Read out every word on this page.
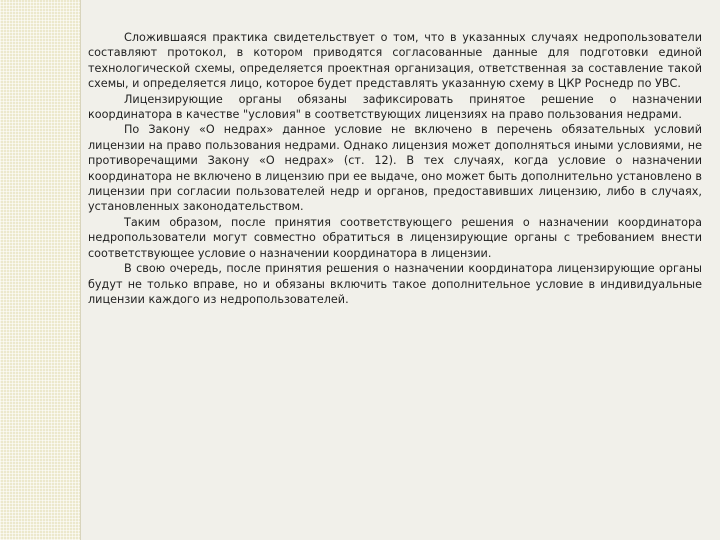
Сложившаяся практика свидетельствует о том, что в указанных случаях недропользователи составляют протокол, в котором приводятся согласованные данные для подготовки единой технологической схемы, определяется проектная организация, ответственная за составление такой схемы, и определяется лицо, которое будет представлять указанную схему в ЦКР Роснедр по УВС.

Лицензирующие органы обязаны зафиксировать принятое решение о назначении координатора в качестве "условия" в соответствующих лицензиях на право пользования недрами.

По Закону «О недрах» данное условие не включено в перечень обязательных условий лицензии на право пользования недрами. Однако лицензия может дополняться иными условиями, не противоречащими Закону «О недрах» (ст. 12). В тех случаях, когда условие о назначении координатора не включено в лицензию при ее выдаче, оно может быть дополнительно установлено в лицензии при согласии пользователей недр и органов, предоставивших лицензию, либо в случаях, установленных законодательством.

Таким образом, после принятия соответствующего решения о назначении координатора недропользователи могут совместно обратиться в лицензирующие органы с требованием внести соответствующее условие о назначении координатора в лицензии.

В свою очередь, после принятия решения о назначении координатора лицензирующие органы будут не только вправе, но и обязаны включить такое дополнительное условие в индивидуальные лицензии каждого из недропользователей.
